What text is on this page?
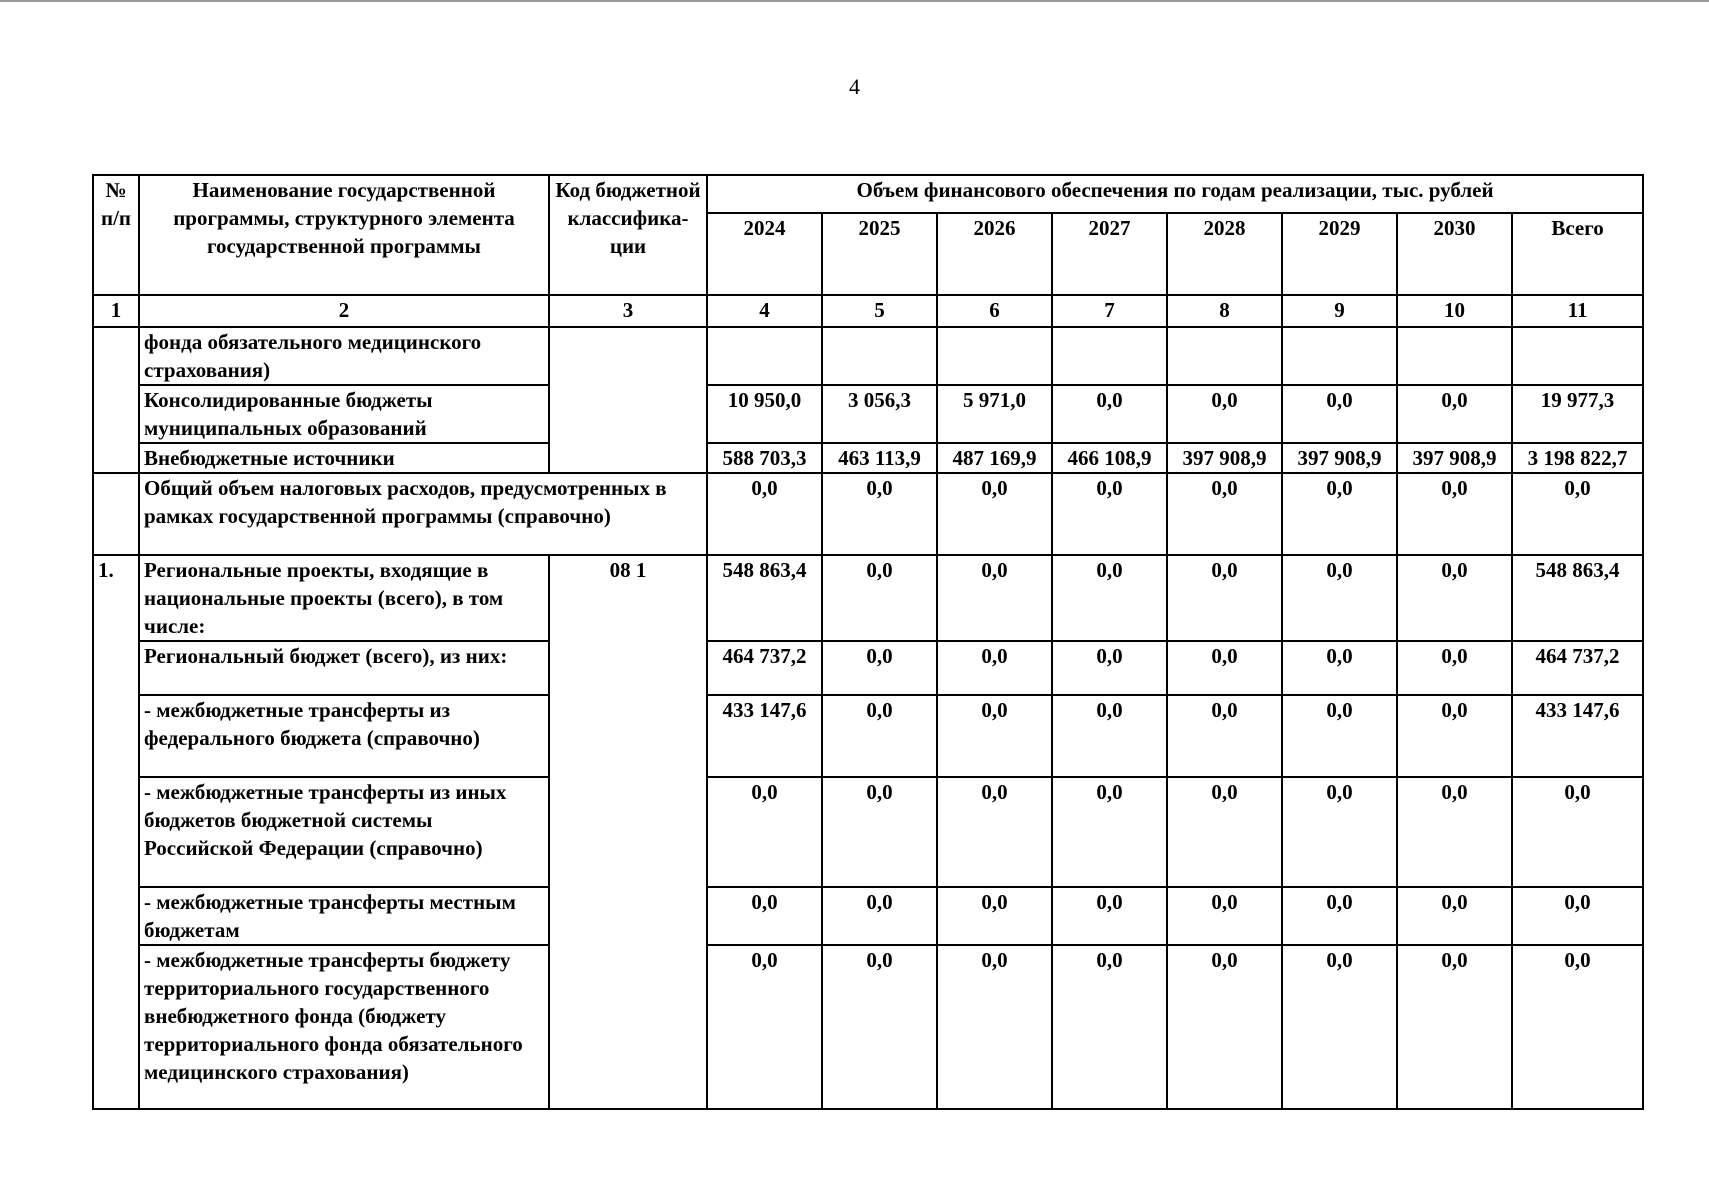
4
№ п/п	Наименование государственной программы, структурного элемента государственной программы	Код бюджетной классифика-ции	Объем финансового обеспечения по годам реализации, тыс. рублей							
			2024	2025	2026	2027	2028	2029	2030	Всего
1	2	3	4	5	6	7	8	9	10	11
	фонда обязательного медицинского страхования)									
	Консолидированные бюджеты муниципальных образований		10 950,0	3 056,3	5 971,0	0,0	0,0	0,0	0,0	19 977,3
	Внебюджетные источники		588 703,3	463 113,9	487 169,9	466 108,9	397 908,9	397 908,9	397 908,9	3 198 822,7
	Общий объем налоговых расходов, предусмотренных в рамках государственной программы (справочно)		0,0	0,0	0,0	0,0	0,0	0,0	0,0	0,0
1.	Региональные проекты, входящие в национальные проекты (всего), в том числе:	08 1	548 863,4	0,0	0,0	0,0	0,0	0,0	0,0	548 863,4
	Региональный бюджет (всего), из них:		464 737,2	0,0	0,0	0,0	0,0	0,0	0,0	464 737,2
	- межбюджетные трансферты из федерального бюджета (справочно)		433 147,6	0,0	0,0	0,0	0,0	0,0	0,0	433 147,6
	- межбюджетные трансферты из иных бюджетов бюджетной системы Российской Федерации (справочно)		0,0	0,0	0,0	0,0	0,0	0,0	0,0	0,0
	- межбюджетные трансферты местным бюджетам		0,0	0,0	0,0	0,0	0,0	0,0	0,0	0,0
	- межбюджетные трансферты бюджету территориального государственного внебюджетного фонда (бюджету территориального фонда обязательного медицинского страхования)		0,0	0,0	0,0	0,0	0,0	0,0	0,0	0,0
